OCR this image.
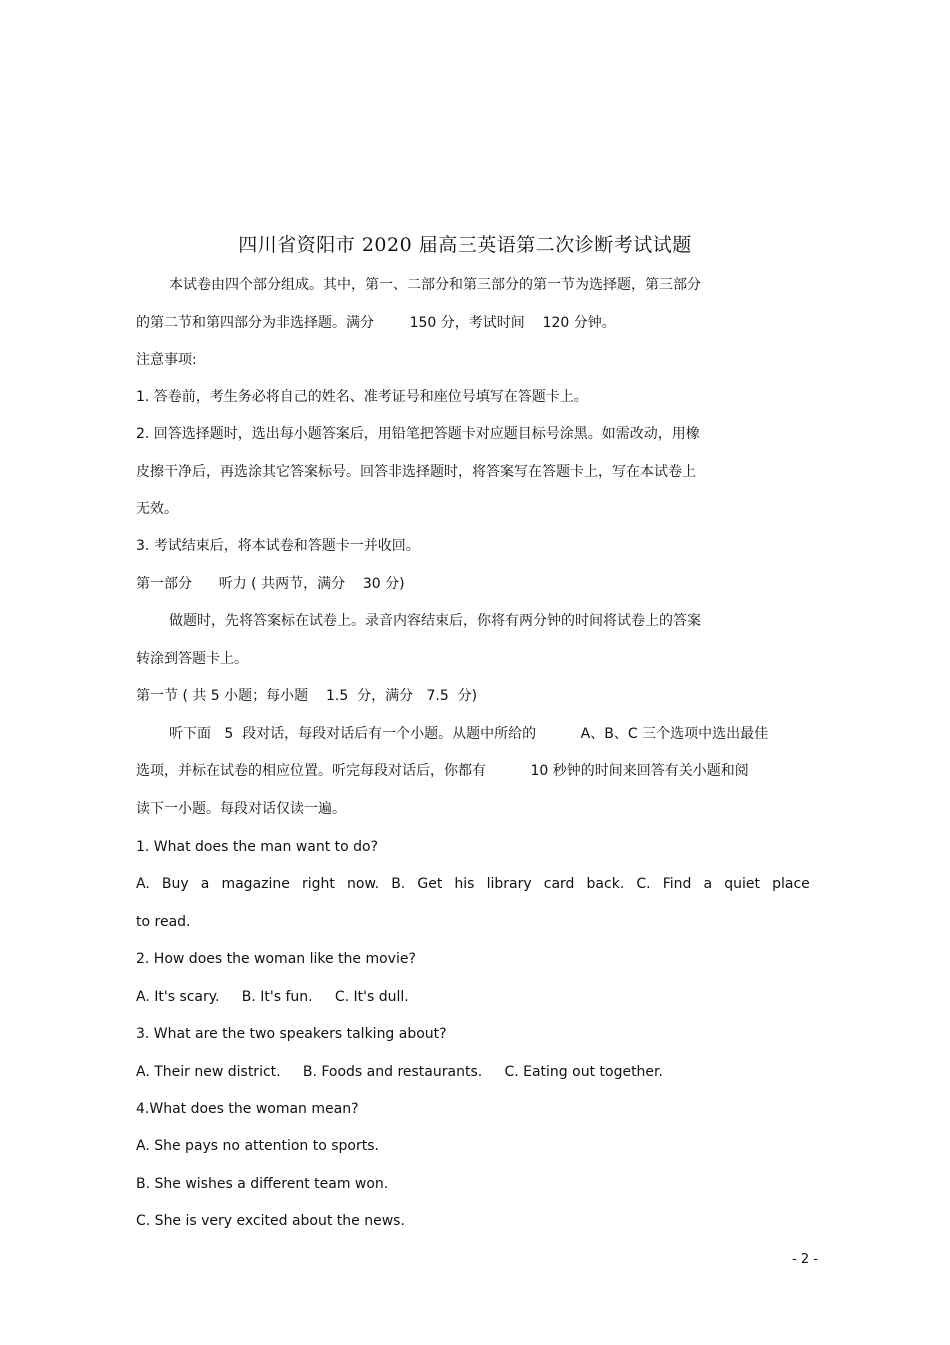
四川省资阳市 2020 届高三英语第二次诊断考试试题
本试卷由四个部分组成。其中，第一、二部分和第三部分的第一节为选择题，第三部分
的第二节和第四部分为非选择题。满分        150 分，考试时间    120 分钟。
注意事项:
1. 答卷前，考生务必将自己的姓名、准考证号和座位号填写在答题卡上。
2. 回答选择题时，选出每小题答案后，用铅笔把答题卡对应题目标号涂黑。如需改动，用橡
皮擦干净后，再选涂其它答案标号。回答非选择题时，将答案写在答题卡上，写在本试卷上
无效。
3. 考试结束后，将本试卷和答题卡一并收回。
第一部分      听力 ( 共两节，满分    30 分)
做题时，先将答案标在试卷上。录音内容结束后，你将有两分钟的时间将试卷上的答案
转涂到答题卡上。
第一节 ( 共 5 小题；每小题    1.5  分，满分   7.5  分)
听下面   5  段对话，每段对话后有一个小题。从题中所给的          A、B、C 三个选项中选出最佳
选项，并标在试卷的相应位置。听完每段对话后，你都有          10 秒钟的时间来回答有关小题和阅
读下一小题。每段对话仅读一遍。
1. What does the man want to do?
A. Buy a magazine right now. B. Get his library card back. C. Find a quiet place
to read.
2. How does the woman like the movie?
A. It's scary.     B. It's fun.     C. It's dull.
3. What are the two speakers talking about?
A. Their new district.     B. Foods and restaurants.     C. Eating out together.
4.What does the woman mean?
A. She pays no attention to sports.
B. She wishes a different team won.
C. She is very excited about the news.
- 2 -
